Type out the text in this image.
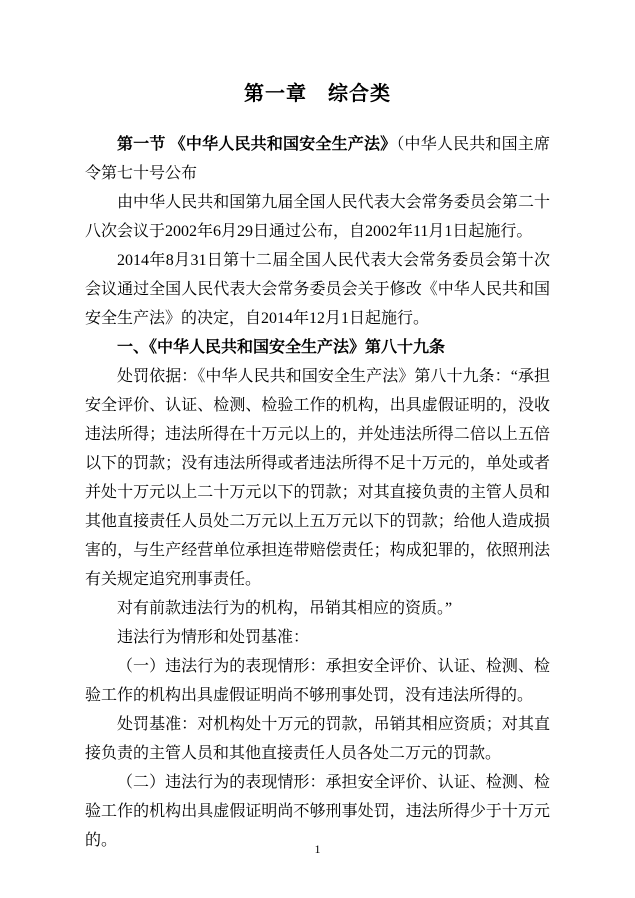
第一章　综合类

第一节 《中华人民共和国安全生产法》（中华人民共和国主席令第七十号公布

由中华人民共和国第九届全国人民代表大会常务委员会第二十八次会议于2002年6月29日通过公布，自2002年11月1日起施行。

2014年8月31日第十二届全国人民代表大会常务委员会第十次会议通过全国人民代表大会常务委员会关于修改《中华人民共和国安全生产法》的决定，自2014年12月1日起施行。

一、《中华人民共和国安全生产法》第八十九条

处罚依据：《中华人民共和国安全生产法》第八十九条：“承担安全评价、认证、检测、检验工作的机构，出具虚假证明的，没收违法所得；违法所得在十万元以上的，并处违法所得二倍以上五倍以下的罚款；没有违法所得或者违法所得不足十万元的，单处或者并处十万元以上二十万元以下的罚款；对其直接负责的主管人员和其他直接责任人员处二万元以上五万元以下的罚款；给他人造成损害的，与生产经营单位承担连带赔偿责任；构成犯罪的，依照刑法有关规定追究刑事责任。

对有前款违法行为的机构，吊销其相应的资质。”

违法行为情形和处罚基准：

（一）违法行为的表现情形：承担安全评价、认证、检测、检验工作的机构出具虚假证明尚不够刑事处罚，没有违法所得的。

处罚基准：对机构处十万元的罚款，吊销其相应资质；对其直接负责的主管人员和其他直接责任人员各处二万元的罚款。

（二）违法行为的表现情形：承担安全评价、认证、检测、检验工作的机构出具虚假证明尚不够刑事处罚，违法所得少于十万元的。	1
